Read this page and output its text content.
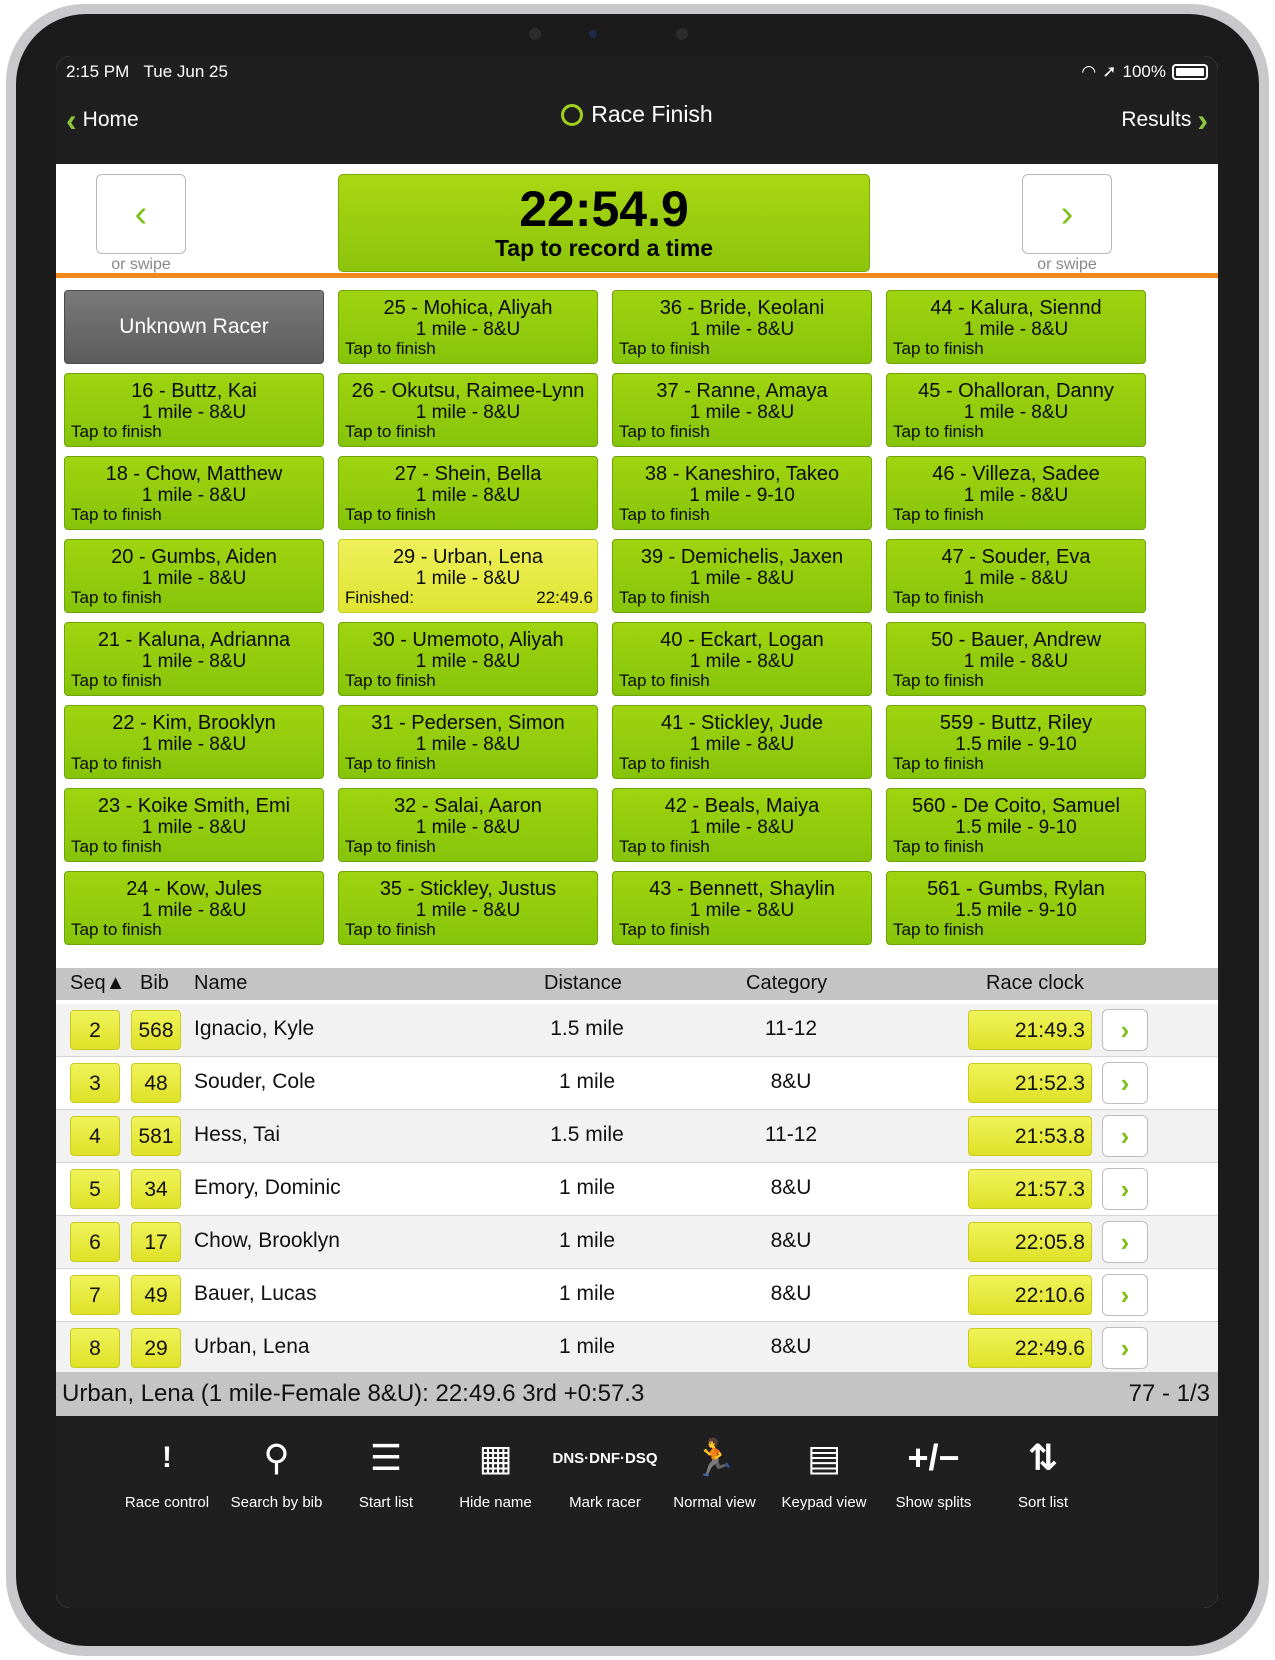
2:15 PM Tue Jun 25	◠ ➚ 100%
‹ Home	Race Finish	Results ›
‹
or swipe
22:54.9
Tap to record a time
›
or swipe
Unknown Racer
25 - Mohica, Aliyah
1 mile - 8&U
Tap to finish
36 - Bride, Keolani
1 mile - 8&U
Tap to finish
44 - Kalura, Siennd
1 mile - 8&U
Tap to finish
16 - Buttz, Kai
1 mile - 8&U
Tap to finish
26 - Okutsu, Raimee-Lynn
1 mile - 8&U
Tap to finish
37 - Ranne, Amaya
1 mile - 8&U
Tap to finish
45 - Ohalloran, Danny
1 mile - 8&U
Tap to finish
18 - Chow, Matthew
1 mile - 8&U
Tap to finish
27 - Shein, Bella
1 mile - 8&U
Tap to finish
38 - Kaneshiro, Takeo
1 mile - 9-10
Tap to finish
46 - Villeza, Sadee
1 mile - 8&U
Tap to finish
20 - Gumbs, Aiden
1 mile - 8&U
Tap to finish
29 - Urban, Lena
1 mile - 8&U
Finished:	22:49.6
39 - Demichelis, Jaxen
1 mile - 8&U
Tap to finish
47 - Souder, Eva
1 mile - 8&U
Tap to finish
21 - Kaluna, Adrianna
1 mile - 8&U
Tap to finish
30 - Umemoto, Aliyah
1 mile - 8&U
Tap to finish
40 - Eckart, Logan
1 mile - 8&U
Tap to finish
50 - Bauer, Andrew
1 mile - 8&U
Tap to finish
22 - Kim, Brooklyn
1 mile - 8&U
Tap to finish
31 - Pedersen, Simon
1 mile - 8&U
Tap to finish
41 - Stickley, Jude
1 mile - 8&U
Tap to finish
559 - Buttz, Riley
1.5 mile - 9-10
Tap to finish
23 - Koike Smith, Emi
1 mile - 8&U
Tap to finish
32 - Salai, Aaron
1 mile - 8&U
Tap to finish
42 - Beals, Maiya
1 mile - 8&U
Tap to finish
560 - De Coito, Samuel
1.5 mile - 9-10
Tap to finish
24 - Kow, Jules
1 mile - 8&U
Tap to finish
35 - Stickley, Justus
1 mile - 8&U
Tap to finish
43 - Bennett, Shaylin
1 mile - 8&U
Tap to finish
561 - Gumbs, Rylan
1.5 mile - 9-10
Tap to finish
Seq▲ Bib Name	Distance	Category	Race clock
2	568 Ignacio, Kyle	1.5 mile	11-12	21:49.3	›
3	48	Souder, Cole	1 mile	8&U	21:52.3	›
4	581 Hess, Tai	1.5 mile	11-12	21:53.8	›
5	34	Emory, Dominic	1 mile	8&U	21:57.3	›
6	17	Chow, Brooklyn	1 mile	8&U	22:05.8	›
7	49	Bauer, Lucas	1 mile	8&U	22:10.6	›
8	29	Urban, Lena	1 mile	8&U	22:49.6	›
Urban, Lena (1 mile-Female 8&U): 22:49.6 3rd +0:57.3	77 - 1/3
!
Race control
⚲
Search by bib
☰
Start list
▦
Hide name
DNS·DNF·DSQ
Mark racer
🏃
Normal view
▤
Keypad view
+/−
Show splits
⇅
Sort list
